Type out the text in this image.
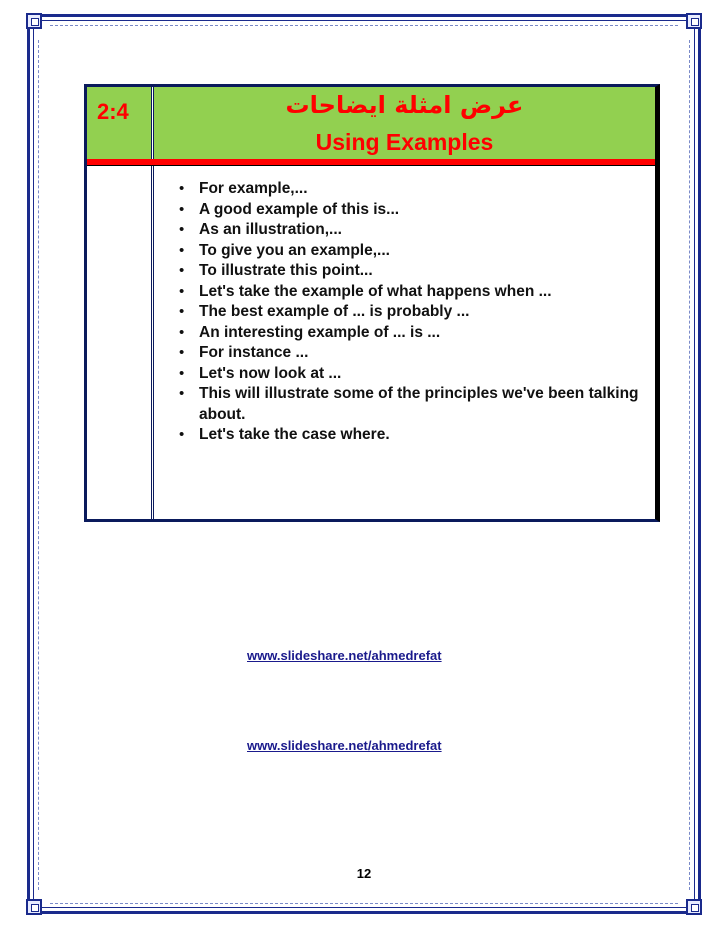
2:4	عرض امثلة ايضاحات
Using Examples
• For example,...
• A good example of this is...
• As an illustration,...
• To give you an example,...
• To illustrate this point...
• Let's take the example of what happens when ...
• The best example of ... is probably ...
• An interesting example of ... is ...
• For instance ...
• Let's now look at ...
• This will illustrate some of the principles we've been talking about.
• Let's take the case where.
www.slideshare.net/ahmedrefat
www.slideshare.net/ahmedrefat
12
